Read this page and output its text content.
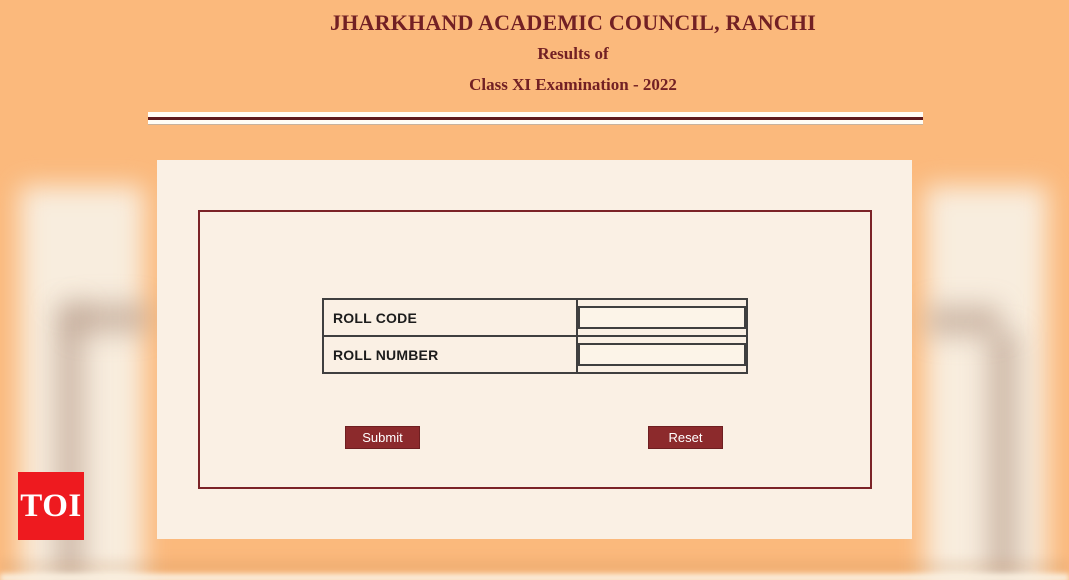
JHARKHAND ACADEMIC COUNCIL, RANCHI
Results of
Class XI Examination - 2022
ROLL CODE
ROLL NUMBER
Submit	Reset
TOI
